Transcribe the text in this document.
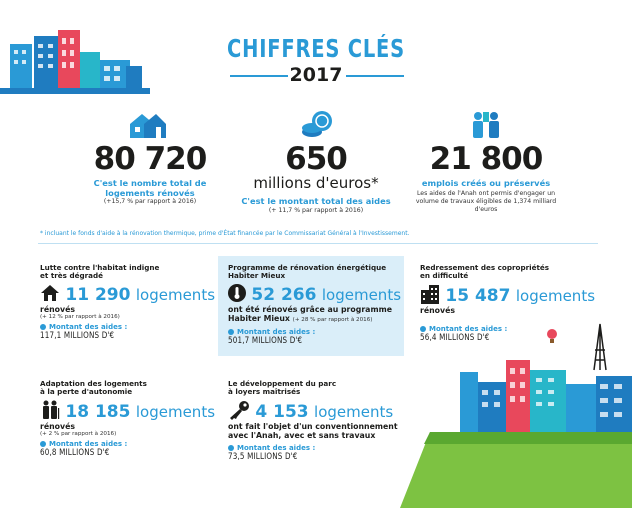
CHIFFRES CLÉS
2017
80 720
C'est le nombre total de logements rénovés
(+15,7 % par rapport à 2016)
650
millions d'euros*
C'est le montant total des aides
(+ 11,7 % par rapport à 2016)
21 800
emplois créés ou préservés
Les aides de l'Anah ont permis d'engager un volume de travaux éligibles de 1,374 milliard d'euros
* incluant le fonds d'aide à la rénovation thermique, prime d'État financée par le Commissariat Général à l'Investissement.
Lutte contre l'habitat indigne
et très dégradé
11 290 logements
rénovés
(+ 12 % par rapport à 2016)
Montant des aides :
117,1 MILLIONS D'€
Programme de rénovation énergétique
Habiter Mieux
52 266 logements
ont été rénovés grâce au programme
Habiter Mieux (+ 28 % par rapport à 2016)
Montant des aides :
501,7 MILLIONS D'€
Redressement des copropriétés
en difficulté
15 487 logements
rénovés
Montant des aides :
56,4 MILLIONS D'€
Adaptation des logements
à la perte d'autonomie
18 185 logements
rénovés
(+ 2 % par rapport à 2016)
Montant des aides :
60,8 MILLIONS D'€
Le développement du parc
à loyers maîtrisés
4 153 logements
ont fait l'objet d'un conventionnement
avec l'Anah, avec et sans travaux
Montant des aides :
73,5 MILLIONS D'€
